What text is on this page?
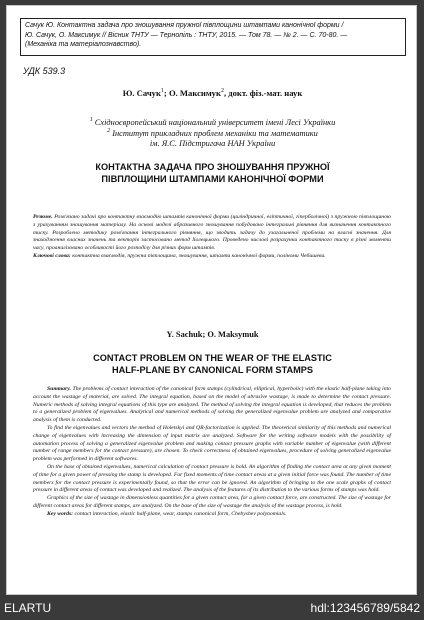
Сачук Ю. Контактна задача про зношування пружної півплощини штампами канонічної форми /
Ю. Сачук, О. Максимук // Вісник ТНТУ — Тернопіль : ТНТУ, 2015. — Том 78. — № 2. — С. 70-80. —
(Механіка та матеріалознавство).
УДК 539.3
Ю. Сачук$^1$; О. Максимук$^2$, докт. фіз.-мат. наук
$^1$ Східноєвропейський національний університет імені Лесі Українки
$^2$ Інститут прикладних проблем механіки та математики
ім. Я.С. Підстригача НАН України
КОНТАКТНА ЗАДАЧА ПРО ЗНОШУВАННЯ ПРУЖНОЇ
ПІВПЛОЩИНИ ШТАМПАМИ КАНОНІЧНОЇ ФОРМИ

Резюме. Розв'язано задачі про контактну взаємодію штампів канонічної форми (циліндричної, еліптичної, гіперболічної) з пружною півплощиною з урахуванням зношування матеріалу. На основі моделі абразивного зношування побудовано інтегральні рівняння для визначення контактного тиску. Розроблено методику розв'язання інтегрального рівняння, що зводить задачу до узагальненої проблеми на власні значення. Для знаходження власних значень та векторів застосовано метод Холецького. Проведено числові розрахунки контактного тиску в різні моменти часу, проаналізовано особливості його розподілу для різних форм штампів.

Ключові слова: контактна взаємодія, пружна півплощина, зношування, штампи канонічної форми, поліноми Чебишева.

Y. Sachuk; O. Maksymuk
CONTACT PROBLEM ON THE WEAR OF THE ELASTIC
HALF-PLANE BY CANONICAL FORM STAMPS

Summary. The problems of contact interaction of the canonical form stamps (cylindrical, elliptical, hyperbolic) with the elastic half-plane taking into account the wastage of material, are solved. The integral equation, based on the model of abrasive wastage, is made to determine the contact pressure. Numeric methods of solving integral equations of this type are analyzed. The method of solving the integral equation is developed, that reduces the problem to a generalized problem of eigenvalues. Analytical and numerical methods of solving the generalized eigenvalue problem are analyzed and comparative analysis of them is conducted.

To find the eigenvalues and vectors the method of Holetskyi and QR-factorization is applied. The theoretical similarity of this methods and numerical change of eigenvalues with increasing the dimension of input matrix are analyzed. Software for the writing software models with the possibility of automation process of solving a generalized eigenvalue problem and making contact pressure graphs with variable number of eigenvalue (with different number of range members for the contact pressure), are chosen. To check correctness of obtained eigenvalues, procedure of solving generalized eigenvalue problem was performed in different softwares.

On the base of obtained eigenvalues, numerical calculation of contact pressure is hold. An algorithm of finding the contact area at any given moment of time for a given power of pressing the stamp is developed. For fixed moments of time contact areas at a given initial force was found. The number of time members for the contact pressure is experimentally found, so that the error can be ignored. An algorithm of bringing to the one scale graphs of contact pressure in different areas of contact was developed and realized. The analysis of the features of its distribution to the various forms of stamps was hold.

Graphics of the size of wastage in dimensionless quantities for a given contact area, for a given contact force, are constructed. The size of wastage for different contact areas for different stamps, are analyzed. On the base of the size of wastage the analysis of the wastage process, is hold.

Key words: contact interaction, elastic half-plane, wear, stamps canonical form, Chebyshev polynomials.

ELARTU	hdl:123456789/5842
